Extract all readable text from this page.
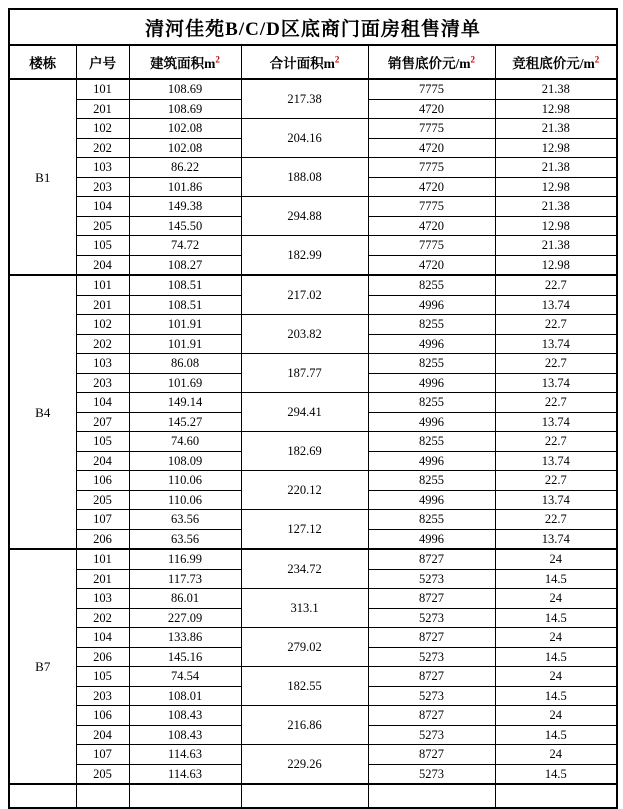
清河佳苑B/C/D区底商门面房租售清单					
楼栋	户号	建筑面积$m^2$	合计面积$m^2$	销售底价元$/m^2$	竞租底价元$/m^2$
B1	101	108.69	217.38	7775	21.38
	201	108.69		4720	12.98
	102	102.08	204.16	7775	21.38
	202	102.08		4720	12.98
	103	86.22	188.08	7775	21.38
	203	101.86		4720	12.98
	104	149.38	294.88	7775	21.38
	205	145.50		4720	12.98
	105	74.72	182.99	7775	21.38
	204	108.27		4720	12.98
B4	101	108.51	217.02	8255	22.7
	201	108.51		4996	13.74
	102	101.91	203.82	8255	22.7
	202	101.91		4996	13.74
	103	86.08	187.77	8255	22.7
	203	101.69		4996	13.74
	104	149.14	294.41	8255	22.7
	207	145.27		4996	13.74
	105	74.60	182.69	8255	22.7
	204	108.09		4996	13.74
	106	110.06	220.12	8255	22.7
	205	110.06		4996	13.74
	107	63.56	127.12	8255	22.7
	206	63.56		4996	13.74
B7	101	116.99	234.72	8727	24
	201	117.73		5273	14.5
	103	86.01	313.1	8727	24
	202	227.09		5273	14.5
	104	133.86	279.02	8727	24
	206	145.16		5273	14.5
	105	74.54	182.55	8727	24
	203	108.01		5273	14.5
	106	108.43	216.86	8727	24
	204	108.43		5273	14.5
	107	114.63	229.26	8727	24
	205	114.63		5273	14.5
